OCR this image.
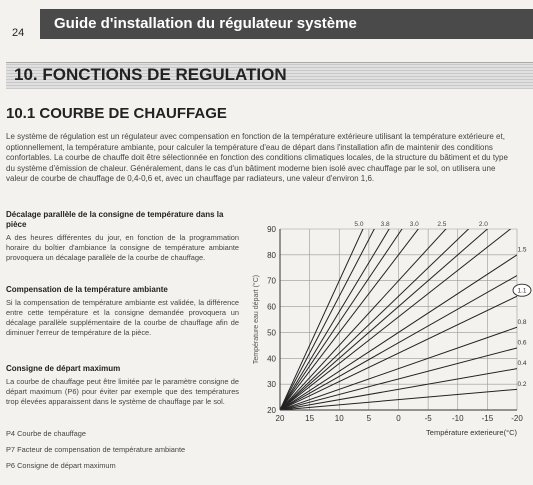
24
Guide d'installation du régulateur système
10. FONCTIONS DE REGULATION
10.1 COURBE DE CHAUFFAGE

Le système de régulation est un régulateur avec compensation en fonction de la température extérieure utilisant la température extérieure et, optionnellement, la température ambiante, pour calculer la température d'eau de départ dans l'installation afin de maintenir des conditions confortables. La courbe de chauffe doit être sélectionnée en fonction des conditions climatiques locales, de la structure du bâtiment et du type du système d'émission de chaleur. Généralement, dans le cas d'un bâtiment moderne bien isolé avec chauffage par le sol, on utilisera une valeur de courbe de chauffage de 0,4-0,6 et, avec un chauffage par radiateurs, une valeur d'environ 1,6.

Décalage parallèle de la consigne de température dans la pièce

A des heures différentes du jour, en fonction de la programmation horaire du boîtier d'ambiance la consigne de température ambiante provoquera un décalage parallèle de la courbe de chauffage.

Compensation de la température ambiante

Si la compensation de température ambiante est validée, la différence entre cette température et la consigne demandée provoquera un décalage parallèle supplémentaire de la courbe de chauffage afin de diminuer l'erreur de température de la pièce.

Consigne de départ maximum

La courbe de chauffage peut être limitée par le paramètre consigne de départ maximum (P6) pour éviter par exemple que des températures trop élevées apparaissent dans le système de chauffage par le sol.

P4 Courbe de chauffage
P7 Facteur de compensation de température ambiante
P6 Consigne de départ maximum
20	15	10	5	0	-5	-10 -15 -20
20
30
40
50
60
70
80
90
Température exterieure(°C)
Température eau départ (°C)
5.0	3.8	3.0	2.5	2.0
1.5
1.1
0.8
0.6
0.4
0.2
